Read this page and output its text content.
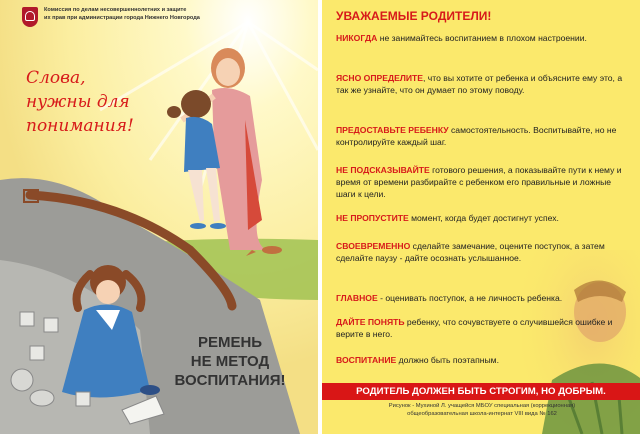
Комиссия по делам несовершеннолетних и защите
их прав при администрации города Нижнего Новгорода
Слова,
нужны для
понимания!
РЕМЕНЬ
НЕ МЕТОД
ВОСПИТАНИЯ!
УВАЖАЕМЫЕ РОДИТЕЛИ!
НИКОГДА не занимайтесь воспитанием в плохом настроении.
ЯСНО ОПРЕДЕЛИТЕ, что вы хотите от ребенка и объясните ему это, а так же узнайте, что он думает по этому поводу.
ПРЕДОСТАВЬТЕ РЕБЕНКУ самостоятельность. Воспитывайте, но не контролируйте каждый шаг.
НЕ ПОДСКАЗЫВАЙТЕ готового решения, а показывайте пути к нему и время от времени разбирайте с ребенком его правильные и ложные шаги к цели.
НЕ ПРОПУСТИТЕ момент, когда будет достигнут успех.
СВОЕВРЕМЕННО сделайте замечание, оцените поступок, а затем сделайте паузу - дайте осознать услышанное.
ГЛАВНОЕ - оценивать поступок, а не личность ребенка.
ДАЙТЕ ПОНЯТЬ ребенку, что сочувствуете о случившейся ошибке и верите в него.
ВОСПИТАНИЕ должно быть поэтапным.
РОДИТЕЛЬ ДОЛЖЕН БЫТЬ СТРОГИМ, НО ДОБРЫМ.
Рисунок - Мухиной Л. учащейся МБОУ специальная (коррекционная)
общеобразовательная школа-интернат VIII вида № 162
